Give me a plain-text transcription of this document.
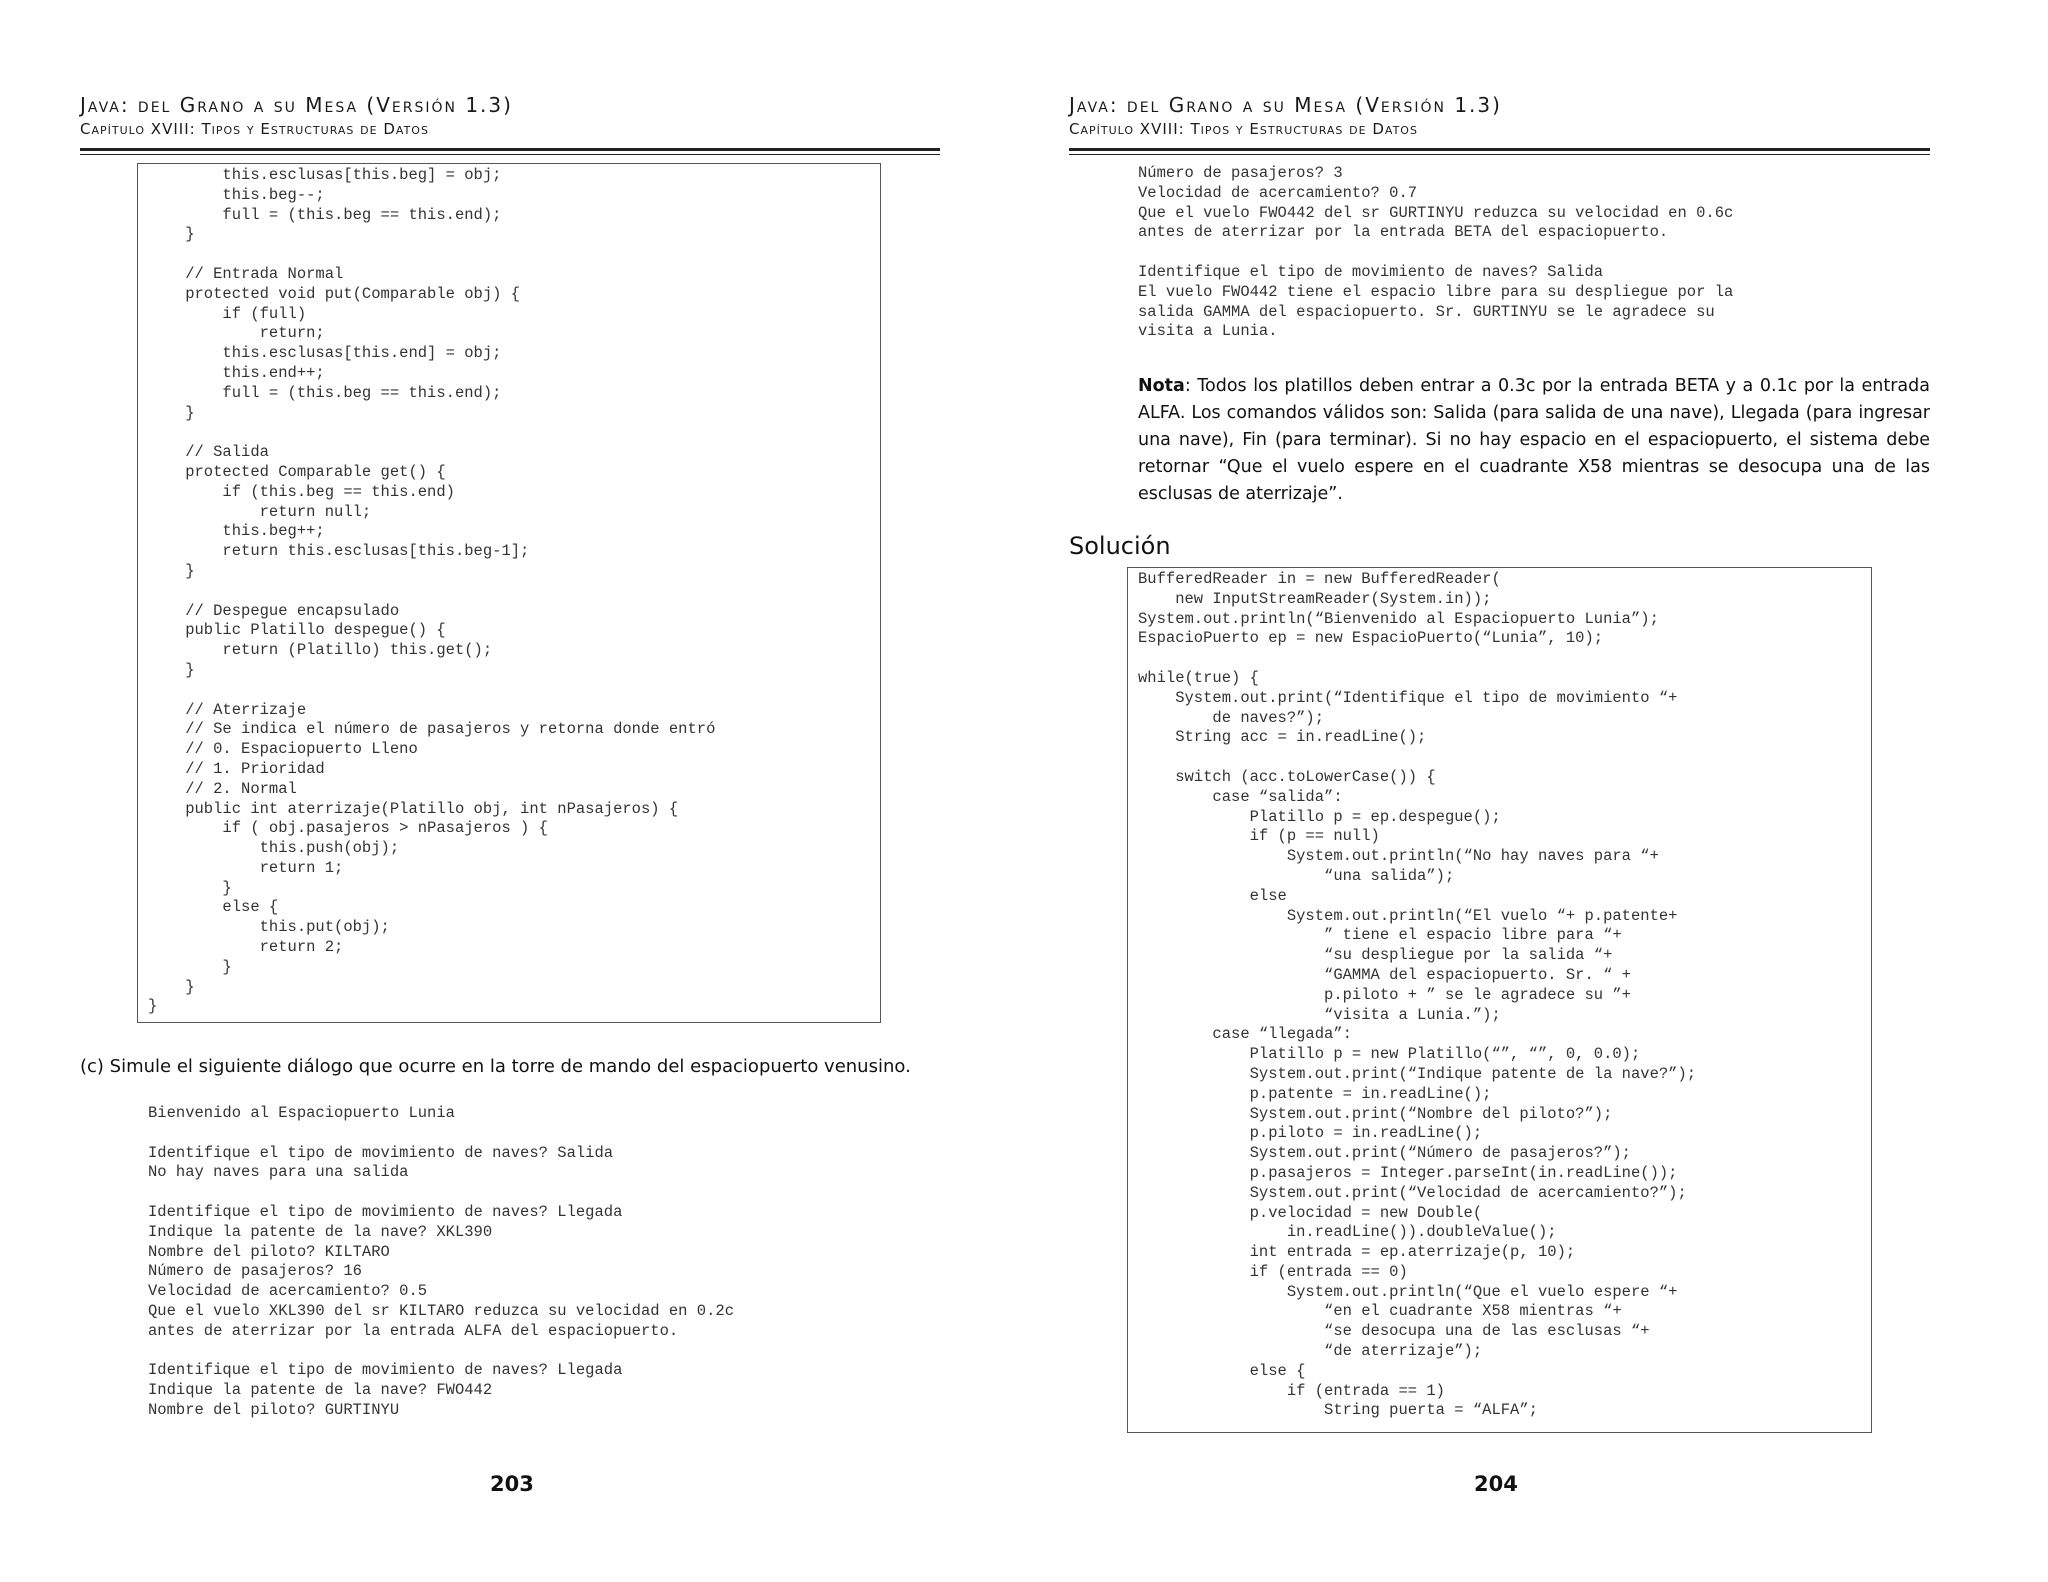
Java: del Grano a su Mesa (Versión 1.3)
Capítulo XVIII: Tipos y Estructuras de Datos
this.esclusas[this.beg] = obj;
this.beg--;
full = (this.beg == this.end);
}

// Entrada Normal
protected void put(Comparable obj) {
if (full)
return;
this.esclusas[this.end] = obj;
this.end++;
full = (this.beg == this.end);
}

// Salida
protected Comparable get() {
if (this.beg == this.end)
return null;
this.beg++;
return this.esclusas[this.beg-1];
}

// Despegue encapsulado
public Platillo despegue() {
return (Platillo) this.get();
}

// Aterrizaje
// Se indica el número de pasajeros y retorna donde entró
// 0. Espaciopuerto Lleno
// 1. Prioridad
// 2. Normal
public int aterrizaje(Platillo obj, int nPasajeros) {
if ( obj.pasajeros > nPasajeros ) {
this.push(obj);
return 1;
}
else {
this.put(obj);
return 2;
}
}
}
(c) Simule el siguiente diálogo que ocurre en la torre de mando del espaciopuerto venusino.
Bienvenido al Espaciopuerto Lunia

Identifique el tipo de movimiento de naves? Salida
No hay naves para una salida

Identifique el tipo de movimiento de naves? Llegada
Indique la patente de la nave? XKL390
Nombre del piloto? KILTARO
Número de pasajeros? 16
Velocidad de acercamiento? 0.5
Que el vuelo XKL390 del sr KILTARO reduzca su velocidad en 0.2c
antes de aterrizar por la entrada ALFA del espaciopuerto.

Identifique el tipo de movimiento de naves? Llegada
Indique la patente de la nave? FWO442
Nombre del piloto? GURTINYU
203
Java: del Grano a su Mesa (Versión 1.3)
Capítulo XVIII: Tipos y Estructuras de Datos
Número de pasajeros? 3
Velocidad de acercamiento? 0.7
Que el vuelo FWO442 del sr GURTINYU reduzca su velocidad en 0.6c
antes de aterrizar por la entrada BETA del espaciopuerto.

Identifique el tipo de movimiento de naves? Salida
El vuelo FWO442 tiene el espacio libre para su despliegue por la
salida GAMMA del espaciopuerto. Sr. GURTINYU se le agradece su
visita a Lunia.
Nota: Todos los platillos deben entrar a 0.3c por la entrada BETA y a 0.1c por la entrada ALFA. Los comandos válidos son: Salida (para salida de una nave), Llegada (para ingresar una nave), Fin (para terminar). Si no hay espacio en el espaciopuerto, el sistema debe retornar “Que el vuelo espere en el cuadrante X58 mientras se desocupa una de las esclusas de aterrizaje”.
Solución
BufferedReader in = new BufferedReader(
new InputStreamReader(System.in));
System.out.println(“Bienvenido al Espaciopuerto Lunia”);
EspacioPuerto ep = new EspacioPuerto(“Lunia”, 10);

while(true) {
System.out.print(“Identifique el tipo de movimiento “+
de naves?”);
String acc = in.readLine();

switch (acc.toLowerCase()) {
case “salida”:
Platillo p = ep.despegue();
if (p == null)
System.out.println(“No hay naves para “+
“una salida”);
else
System.out.println(“El vuelo “+ p.patente+
” tiene el espacio libre para “+
“su despliegue por la salida “+
“GAMMA del espaciopuerto. Sr. “ +
p.piloto + ” se le agradece su ”+
“visita a Lunia.”);
case “llegada”:
Platillo p = new Platillo(“”, “”, 0, 0.0);
System.out.print(“Indique patente de la nave?”);
p.patente = in.readLine();
System.out.print(“Nombre del piloto?”);
p.piloto = in.readLine();
System.out.print(“Número de pasajeros?”);
p.pasajeros = Integer.parseInt(in.readLine());
System.out.print(“Velocidad de acercamiento?”);
p.velocidad = new Double(
in.readLine()).doubleValue();
int entrada = ep.aterrizaje(p, 10);
if (entrada == 0)
System.out.println(“Que el vuelo espere “+
“en el cuadrante X58 mientras “+
“se desocupa una de las esclusas “+
“de aterrizaje”);
else {
if (entrada == 1)
String puerta = “ALFA”;
204
